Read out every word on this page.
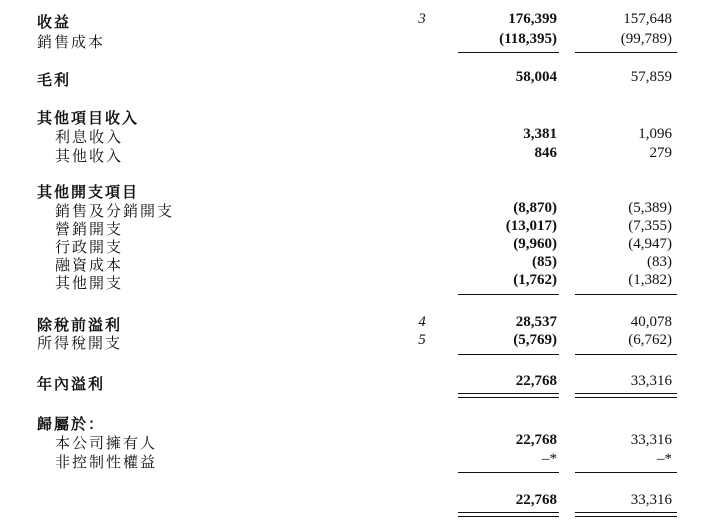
收益	3	176,399	157,648
銷售成本	(118,395)	(99,789)
毛利	58,004	57,859
其他項目收入
利息收入	3,381	1,096
其他收入	846	279
其他開支項目
銷售及分銷開支	(8,870)	(5,389)
營銷開支	(13,017)	(7,355)
行政開支	(9,960)	(4,947)
融資成本	(85)	(83)
其他開支	(1,762)	(1,382)
除稅前溢利	4	28,537	40,078
所得稅開支	5	(5,769)	(6,762)
年內溢利	22,768	33,316
歸屬於：
本公司擁有人	22,768	33,316
非控制性權益	–*	–*
22,768	33,316
